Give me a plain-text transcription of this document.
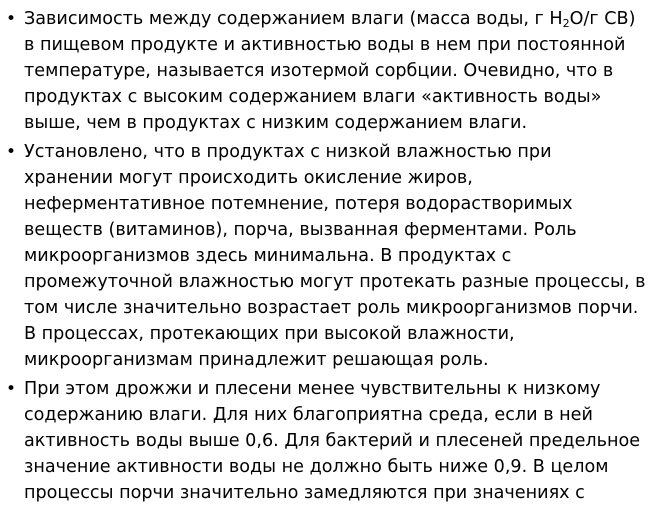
• Зависимость между содержанием влаги (масса воды, г $H_2O/г$ СВ) в пищевом продукте и активностью воды в нем при постоянной температуре, называется изотермой сорбции. Очевидно, что в продуктах с высоким содержанием влаги «активность воды» выше, чем в продуктах с низким содержанием влаги.
• Установлено, что в продуктах с низкой влажностью при хранении могут происходить окисление жиров, неферментативное потемнение, потеря водорастворимых веществ (витаминов), порча, вызванная ферментами. Роль микроорганизмов здесь минимальна. В продуктах с промежуточной влажностью могут протекать разные процессы, в том числе значительно возрастает роль микроорганизмов порчи. В процессах, протекающих при высокой влажности, микроорганизмам принадлежит решающая роль.
• При этом дрожжи и плесени менее чувствительны к низкому содержанию влаги. Для них благоприятна среда, если в ней активность воды выше 0,6. Для бактерий и плесеней предельное значение активности воды не должно быть ниже 0,9. В целом процессы порчи значительно замедляются при значениях с
